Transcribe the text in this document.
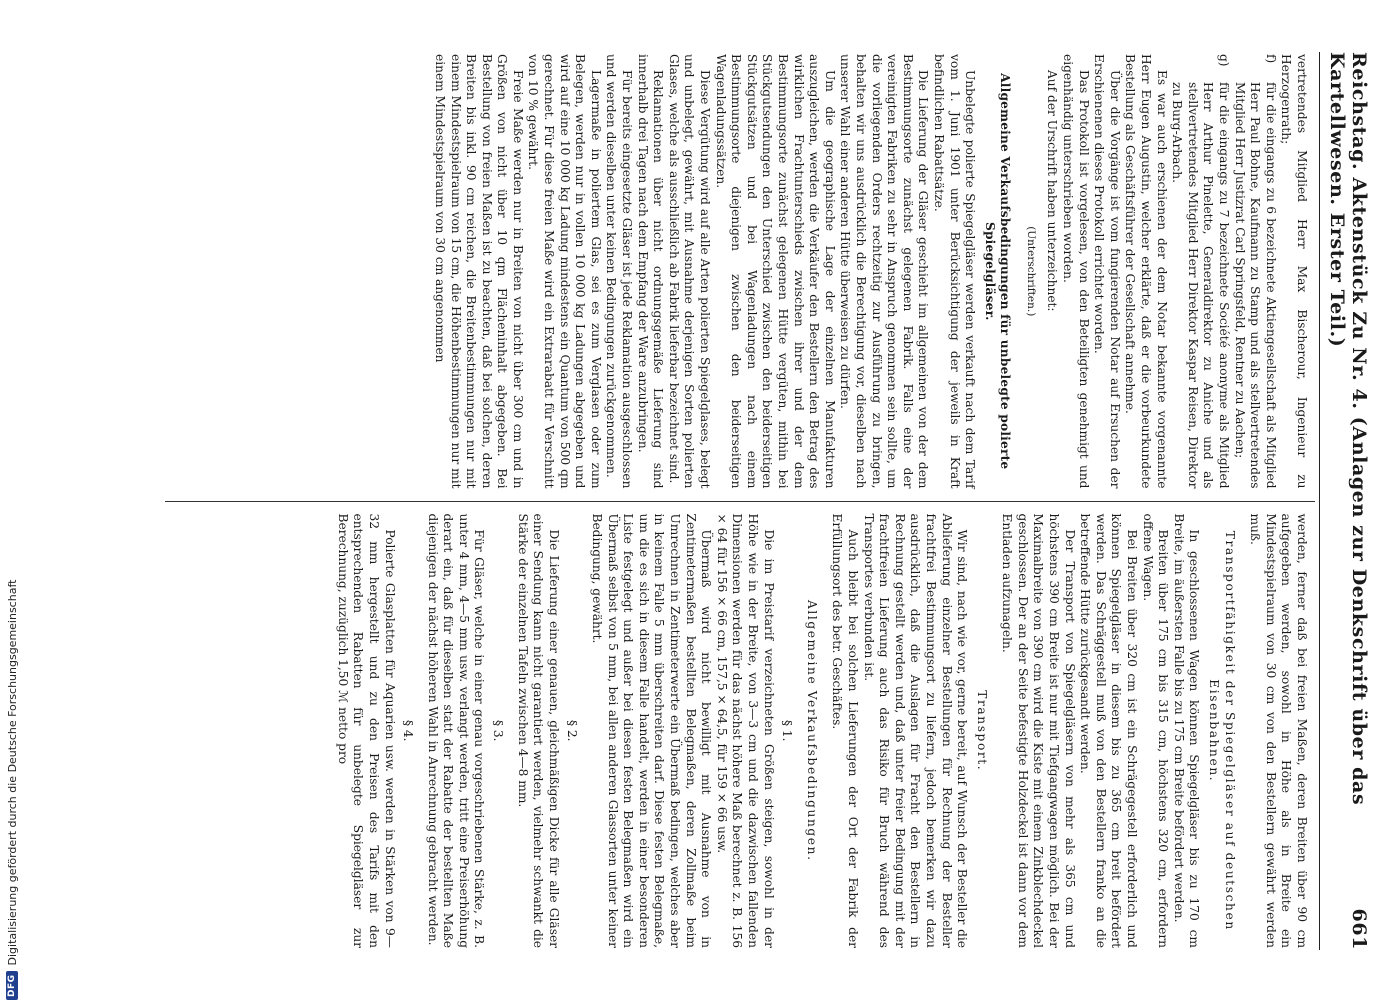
Reichstag. Aktenstück Zu Nr. 4. (Anlagen zur Denkschrift über das Kartellwesen. Erster Teil.)
661

vertretendes Mitglied Herr Max Bischerour, Ingenieur zu Herzogenrath;

f)
für die eingangs zu 6 bezeichnete Aktiengesellschaft als Mitglied Herr Paul Bohne, Kaufmann zu Stamp und als stellvertretendes Mitglied Herr Justizrat Carl Springsfeld, Rentner zu Aachen;

g)
für die eingangs zu 7 bezeichnete Société anonyme als Mitglied Herr Arthur Pinelette, Generaldirektor zu Aniche und als stellvertretendes Mitglied Herr Direktor Kaspar Reisen, Direktor zu Burg-Arbach.

Es war auch erschienen der dem Notar bekannte vorgenannte Herr Eugen Augustin, welcher erklärte, daß er die vorbeurkundete Bestellung als Geschäftsführer der Gesellschaft annehme.

Über die Vorgänge ist vom fungierenden Notar auf Ersuchen der Erschienenen dieses Protokoll errichtet worden.

Das Protokoll ist vorgelesen, von den Beteiligten genehmigt und eigenhändig unterschrieben worden.

Auf der Urschrift haben unterzeichnet:

(Unterschriften.)

Allgemeine Verkaufsbedingungen für unbelegte polierte Spiegelgläser.

Unbelegte polierte Spiegelgläser werden verkauft nach dem Tarif vom 1. Juni 1901 unter Berücksichtigung der jeweils in Kraft befindlichen Rabattsätze.

Die Lieferung der Gläser geschieht im allgemeinen von der dem Bestimmungsorte zunächst gelegenen Fabrik. Falls eine der vereinigten Fabriken zu sehr in Anspruch genommen sein sollte, um die vorliegenden Orders rechtzeitig zur Ausführung zu bringen, behalten wir uns ausdrücklich die Berechtigung vor, dieselben nach unserer Wahl einer anderen Hütte überweisen zu dürfen.

Um die geographische Lage der einzelnen Manufakturen auszugleichen, werden die Verkäufer den Bestellern den Betrag des wirklichen Frachtunterschieds zwischen ihrer und der dem Bestimmungsorte zunächst gelegenen Hütte vergüten, mithin bei Stückgutsendungen den Unterschied zwischen den beiderseitigen Stückgutsätzen und bei Wagenladungen nach einem Bestimmungsorte diejenigen zwischen den beiderseitigen Wagenladungssätzen.

Diese Vergütung wird auf alle Arten polierten Spiegelglases, belegt und unbelegt, gewährt, mit Ausnahme derjenigen Sorten polierten Glases, welche als ausschließlich ab Fabrik lieferbar bezeichnet sind.

Reklamationen über nicht ordnungsgemäße Lieferung sind innerhalb drei Tagen nach dem Empfang der Ware anzubringen.

Für bereits eingesetzte Gläser ist jede Reklamation ausgeschlossen und werden dieselben unter keinen Bedingungen zurückgenommen.

Lagermaße in poliertem Glas, sei es zum Verglasen oder zum Belegen, werden nur in vollen 10 000 kg Ladungen abgegeben und wird auf eine 10 000 kg Ladung mindestens ein Quantum von 500 qm gerechnet. Für diese freien Maße wird ein Extrarabatt für Verschnitt von 10 % gewährt.

Freie Maße werden nur in Breiten von nicht über 300 cm und in Größen von nicht über 10 qm Flächeninhalt abgegeben. Bei Bestellung von freien Maßen ist zu beachten, daß bei solchen, deren Breiten bis inkl. 90 cm reichen, die Breitenbestimmungen nur mit einem Mindestspielraum von 15 cm, die Höhenbestimmungen nur mit einem Mindestspielraum von 30 cm angenommen

werden, ferner daß bei freien Maßen, deren Breiten über 90 cm aufgegeben werden, sowohl in Höhe als in Breite ein Mindestspielraum von 30 cm von den Bestellern gewährt werden muß.

Transportfähigkeit der Spiegelgläser auf deutschen Eisenbahnen.

In geschlossenen Wagen können Spiegelgläser bis zu 170 cm Breite, im äußersten Falle bis zu 175 cm Breite befördert werden.

Breiten über 175 cm bis 315 cm, höchstens 320 cm, erfordern offene Wagen.

Bei Breiten über 320 cm ist ein Schrägegestell erforderlich und können Spiegelgläser in diesem bis zu 365 cm breit befördert werden. Das Schräggestell muß von den Bestellern franko an die betreffende Hütte zurückgesandt werden.

Der Transport von Spiegelgläsern von mehr als 365 cm und höchstens 390 cm Breite ist nur mit Tiefgangwagen möglich. Bei der Maximalbreite von 390 cm wird die Kiste mit einem Zinkblechdeckel geschlossen. Der an der Seite befestigte Holzdeckel ist dann vor dem Entladen aufzunageln.

Transport.

Wir sind, nach wie vor, gerne bereit, auf Wunsch der Besteller die Ablieferung einzelner Bestellungen für Rechnung der Besteller frachtfrei Bestimmungsort zu liefern, jedoch bemerken wir dazu ausdrücklich, daß die Auslagen für Fracht den Bestellern in Rechnung gestellt werden und, daß unter freier Bedingung mit der frachtfreien Lieferung auch das Risiko für Bruch während des Transportes verbunden ist.

Auch bleibt bei solchen Lieferungen der Ort der Fabrik der Erfüllungsort des betr. Geschäftes.

Allgemeine Verkaufsbedingungen.

§ 1.

Die im Preistarif verzeichneten Größen steigen, sowohl in der Höhe wie in der Breite, von 3—3 cm und die dazwischen fallenden Dimensionen werden für das nächst höhere Maß berechnet z. B. 156 × 64 für 156 × 66 cm, 157,5 × 64,5, für 159 × 66 usw.

Übermaß wird nicht bewilligt mit Ausnahme von in Zentimetermaßen bestellten Belegmaßen, deren Zollmaße beim Umrechnen in Zentimeterwerte ein Übermaß bedingen, welches aber in keinem Falle 5 mm überschreiten darf. Diese festen Belegmaße, um die es sich in diesem Falle handelt, werden in einer besonderen Liste festgelegt und außer bei diesen festen Belegmaßen wird ein Übermaß selbst von 5 mm, bei allen anderen Glassorten unter keiner Bedingung, gewährt.

§ 2.

Die Lieferung einer genauen, gleichmäßigen Dicke für alle Gläser einer Sendung kann nicht garantiert werden, vielmehr schwankt die Stärke der einzelnen Tafeln zwischen 4—8 mm.

§ 3.

Für Gläser, welche in einer genau vorgeschriebenen Stärke, z. B. unter 4 mm, 4—5 mm usw. verlangt werden, tritt eine Preiserhöhung derart ein, daß für dieselben statt der Rabatte der bestellten Maße diejenigen der nächst höheren Wahl in Anrechnung gebracht werden.

§ 4.

Polierte Glasplatten für Aquarien usw. werden in Stärken von 9—32 mm hergestellt und zu den Preisen des Tarifs mit den entsprechenden Rabatten für unbelegte Spiegelgläser zur Berechnung, zuzüglich 1,50 ℳ netto pro

DFG
Digitalisierung gefördert durch die Deutsche Forschungsgemeinschaft
